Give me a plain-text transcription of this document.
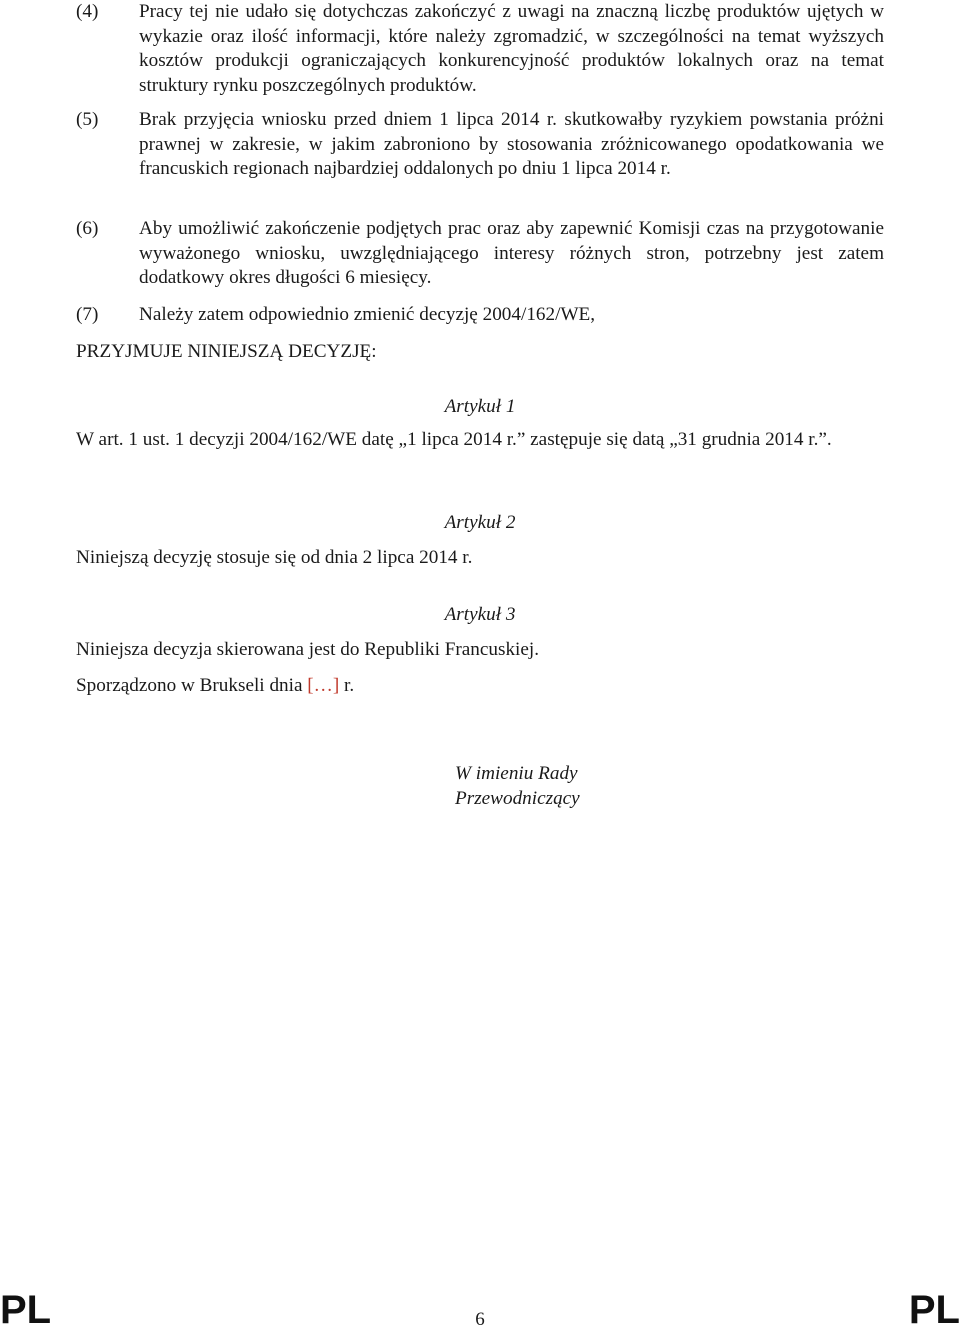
(4) Pracy tej nie udało się dotychczas zakończyć z uwagi na znaczną liczbę produktów ujętych w wykazie oraz ilość informacji, które należy zgromadzić, w szczególności na temat wyższych kosztów produkcji ograniczających konkurencyjność produktów lokalnych oraz na temat struktury rynku poszczególnych produktów.
(5) Brak przyjęcia wniosku przed dniem 1 lipca 2014 r. skutkowałby ryzykiem powstania próżni prawnej w zakresie, w jakim zabroniono by stosowania zróżnicowanego opodatkowania we francuskich regionach najbardziej oddalonych po dniu 1 lipca 2014 r.
(6) Aby umożliwić zakończenie podjętych prac oraz aby zapewnić Komisji czas na przygotowanie wyważonego wniosku, uwzględniającego interesy różnych stron, potrzebny jest zatem dodatkowy okres długości 6 miesięcy.
(7) Należy zatem odpowiednio zmienić decyzję 2004/162/WE,
PRZYJMUJE NINIEJSZĄ DECYZJĘ:
Artykuł 1
W art. 1 ust. 1 decyzji 2004/162/WE datę „1 lipca 2014 r.” zastępuje się datą „31 grudnia 2014 r.”.
Artykuł 2
Niniejszą decyzję stosuje się od dnia 2 lipca 2014 r.
Artykuł 3
Niniejsza decyzja skierowana jest do Republiki Francuskiej.
Sporządzono w Brukseli dnia […] r.
W imieniu Rady
Przewodniczący
PL	6	PL
